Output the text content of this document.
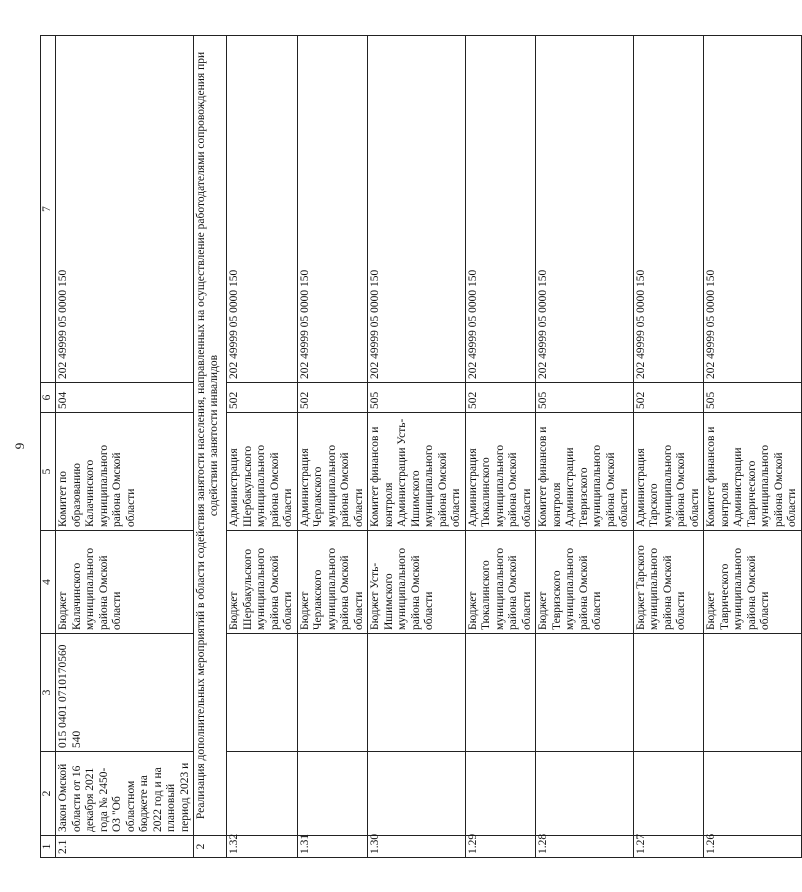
9
1	2	3	4	5	6	7
2.1	Закон Омской области от 16 декабря 2021 года № 2450-ОЗ "Об областном бюджете на 2022 год и на плановый период 2023 и	015 0401 0710170560 540	Бюджет Калачинского муниципального района Омской области	Комитет по образованию Калачинского муниципального района Омской области	504	202 49999 05 0000 150
2	Реализация дополнительных мероприятий в области содействия занятости населения, направленных на осуществление работодателями сопровождения при содействии занятости инвалидов					
1.32			Бюджет Шербакульского муниципального района Омской области	Администрация Шербакульского муниципального района Омской области	502	202 49999 05 0000 150
1.31			Бюджет Черлакского муниципального района Омской области	Администрация Черлакского муниципального района Омской области	502	202 49999 05 0000 150
1.30			Бюджет Усть-Ишимского муниципального района Омской области	Комитет финансов и контроля Администрации Усть-Ишимского муниципального района Омской области	505	202 49999 05 0000 150
1.29			Бюджет Тюкалинского муниципального района Омской области	Администрация Тюкалинского муниципального района Омской области	502	202 49999 05 0000 150
1.28			Бюджет Тевризского муниципального района Омской области	Комитет финансов и контроля Администрации Тевризского муниципального района Омской области	505	202 49999 05 0000 150
1.27			Бюджет Тарского муниципального района Омской области	Администрация Тарского муниципального района Омской области	502	202 49999 05 0000 150
1.26			Бюджет Таврического муниципального района Омской области	Комитет финансов и контроля Администрации Таврического муниципального района Омской области	505	202 49999 05 0000 150
